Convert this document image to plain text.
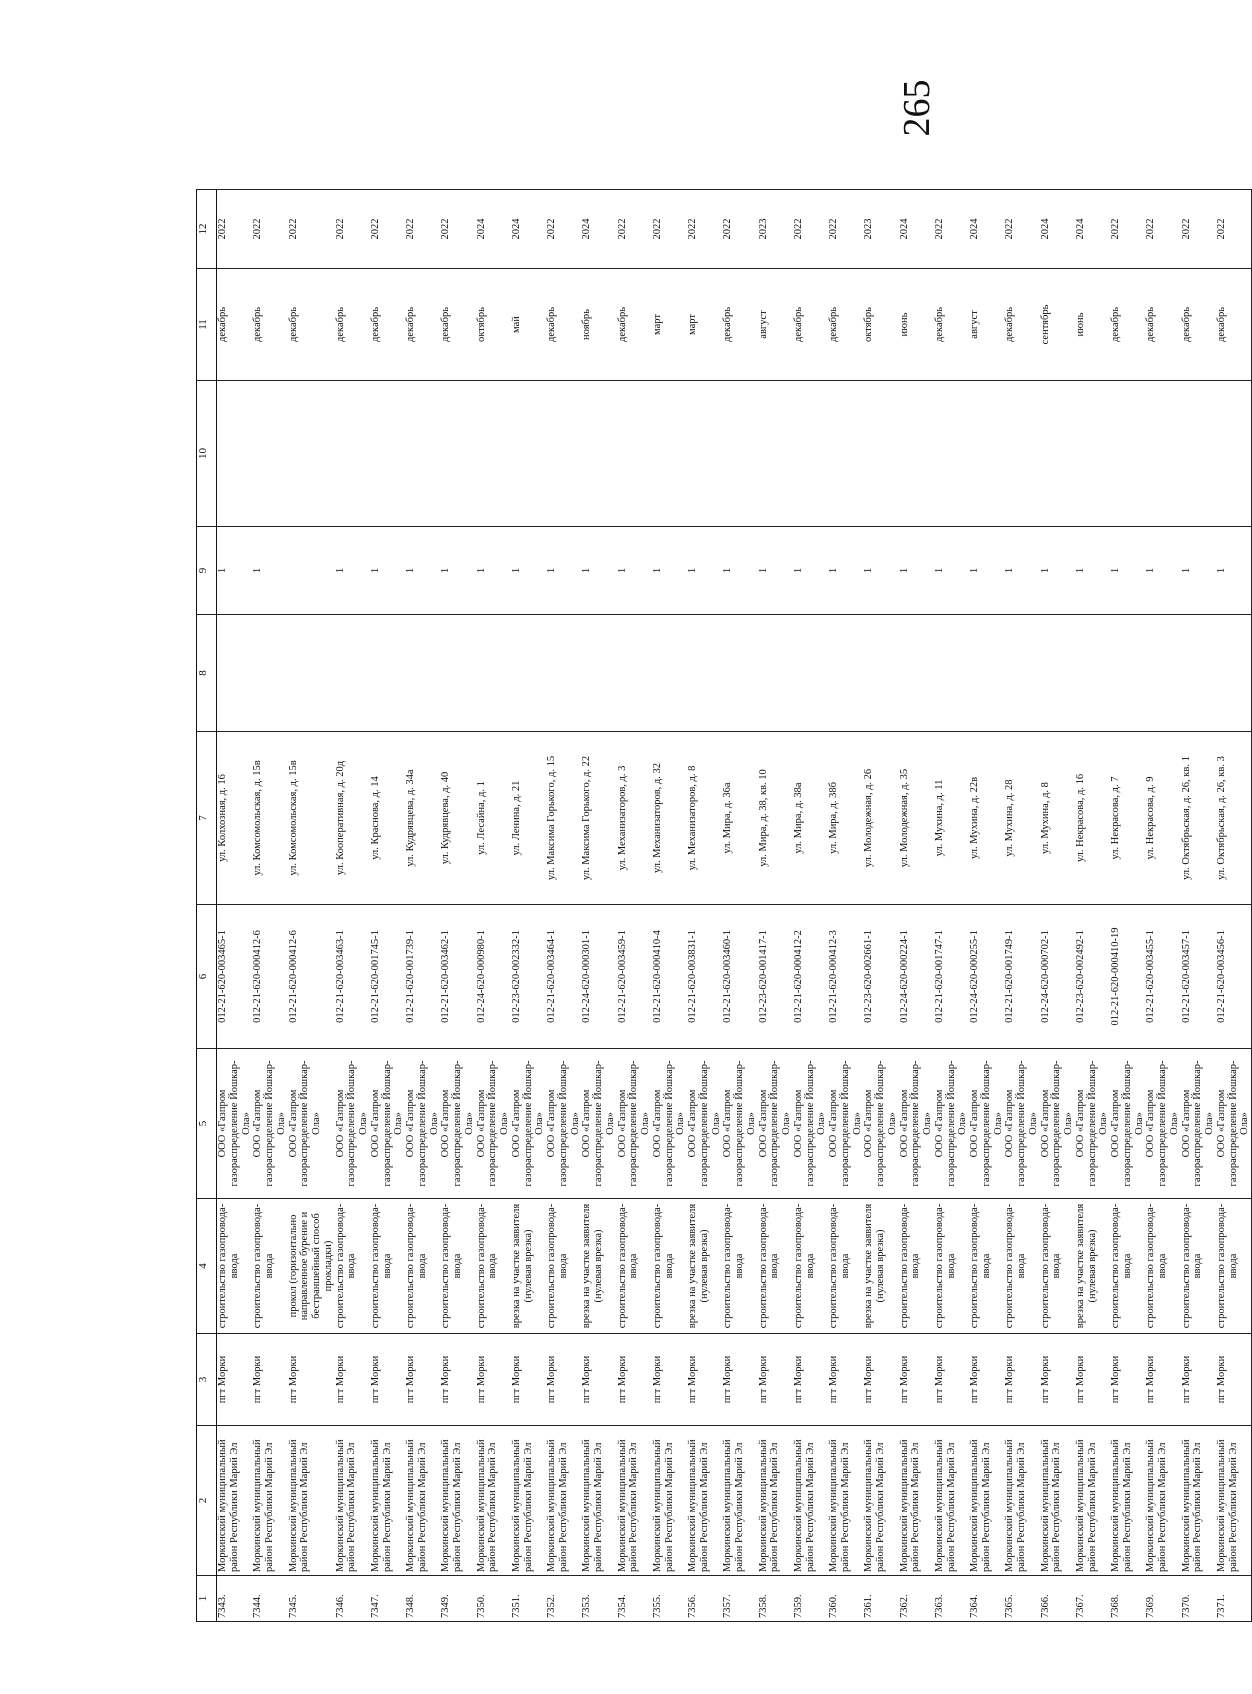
265
1	2	3	4	5	6	7	8	9	10	11	12
7343.	Моркинский муниципальный район Республики Марий Эл	пгт Морки	строительство газопровода-ввода	ООО «Газпром газораспределение Йошкар-Ола»	012-21-620-003465-1	ул. Колхозная, д. 16		1		декабрь	2022
7344.	Моркинский муниципальный район Республики Марий Эл	пгт Морки	строительство газопровода-ввода	ООО «Газпром газораспределение Йошкар-Ола»	012-21-620-000412-6	ул. Комсомольская, д. 15в		1		декабрь	2022
7345.	Моркинский муниципальный район Республики Марий Эл	пгт Морки	прокол (горизонтально направленное бурение и бестраншейный способ прокладки)	ООО «Газпром газораспределение Йошкар-Ола»	012-21-620-000412-6	ул. Комсомольская, д. 15в				декабрь	2022
7346.	Моркинский муниципальный район Республики Марий Эл	пгт Морки	строительство газопровода-ввода	ООО «Газпром газораспределение Йошкар-Ола»	012-21-620-003463-1	ул. Кооперативная, д. 20д		1		декабрь	2022
7347.	Моркинский муниципальный район Республики Марий Эл	пгт Морки	строительство газопровода-ввода	ООО «Газпром газораспределение Йошкар-Ола»	012-21-620-001745-1	ул. Краснова, д. 14		1		декабрь	2022
7348.	Моркинский муниципальный район Республики Марий Эл	пгт Морки	строительство газопровода-ввода	ООО «Газпром газораспределение Йошкар-Ола»	012-21-620-001739-1	ул. Кудрявцева, д. 34а		1		декабрь	2022
7349.	Моркинский муниципальный район Республики Марий Эл	пгт Морки	строительство газопровода-ввода	ООО «Газпром газораспределение Йошкар-Ола»	012-21-620-003462-1	ул. Кудрявцева, д. 40		1		декабрь	2022
7350.	Моркинский муниципальный район Республики Марий Эл	пгт Морки	строительство газопровода-ввода	ООО «Газпром газораспределение Йошкар-Ола»	012-24-620-000980-1	ул. Лесайна, д. 1		1		октябрь	2024
7351.	Моркинский муниципальный район Республики Марий Эл	пгт Морки	врезка на участке заявителя (нулевая врезка)	ООО «Газпром газораспределение Йошкар-Ола»	012-23-620-002332-1	ул. Ленина, д. 21		1		май	2024
7352.	Моркинский муниципальный район Республики Марий Эл	пгт Морки	строительство газопровода-ввода	ООО «Газпром газораспределение Йошкар-Ола»	012-21-620-003464-1	ул. Максима Горького, д. 15		1		декабрь	2022
7353.	Моркинский муниципальный район Республики Марий Эл	пгт Морки	врезка на участке заявителя (нулевая врезка)	ООО «Газпром газораспределение Йошкар-Ола»	012-24-620-000301-1	ул. Максима Горького, д. 22		1		ноябрь	2024
7354.	Моркинский муниципальный район Республики Марий Эл	пгт Морки	строительство газопровода-ввода	ООО «Газпром газораспределение Йошкар-Ола»	012-21-620-003459-1	ул. Механизаторов, д. 3		1		декабрь	2022
7355.	Моркинский муниципальный район Республики Марий Эл	пгт Морки	строительство газопровода-ввода	ООО «Газпром газораспределение Йошкар-Ола»	012-21-620-000410-4	ул. Механизаторов, д. 32		1		март	2022
7356.	Моркинский муниципальный район Республики Марий Эл	пгт Морки	врезка на участке заявителя (нулевая врезка)	ООО «Газпром газораспределение Йошкар-Ола»	012-21-620-003831-1	ул. Механизаторов, д. 8		1		март	2022
7357.	Моркинский муниципальный район Республики Марий Эл	пгт Морки	строительство газопровода-ввода	ООО «Газпром газораспределение Йошкар-Ола»	012-21-620-003460-1	ул. Мира, д. 36а		1		декабрь	2022
7358.	Моркинский муниципальный район Республики Марий Эл	пгт Морки	строительство газопровода-ввода	ООО «Газпром газораспределение Йошкар-Ола»	012-23-620-001417-1	ул. Мира, д. 38, кв. 10		1		август	2023
7359.	Моркинский муниципальный район Республики Марий Эл	пгт Морки	строительство газопровода-ввода	ООО «Газпром газораспределение Йошкар-Ола»	012-21-620-000412-2	ул. Мира, д. 38а		1		декабрь	2022
7360.	Моркинский муниципальный район Республики Марий Эл	пгт Морки	строительство газопровода-ввода	ООО «Газпром газораспределение Йошкар-Ола»	012-21-620-000412-3	ул. Мира, д. 38б		1		декабрь	2022
7361.	Моркинский муниципальный район Республики Марий Эл	пгт Морки	врезка на участке заявителя (нулевая врезка)	ООО «Газпром газораспределение Йошкар-Ола»	012-23-620-002661-1	ул. Молодежная, д. 26		1		октябрь	2023
7362.	Моркинский муниципальный район Республики Марий Эл	пгт Морки	строительство газопровода-ввода	ООО «Газпром газораспределение Йошкар-Ола»	012-24-620-000224-1	ул. Молодежная, д. 35		1		июнь	2024
7363.	Моркинский муниципальный район Республики Марий Эл	пгт Морки	строительство газопровода-ввода	ООО «Газпром газораспределение Йошкар-Ола»	012-21-620-001747-1	ул. Мухина, д. 11		1		декабрь	2022
7364.	Моркинский муниципальный район Республики Марий Эл	пгт Морки	строительство газопровода-ввода	ООО «Газпром газораспределение Йошкар-Ола»	012-24-620-000255-1	ул. Мухина, д. 22в		1		август	2024
7365.	Моркинский муниципальный район Республики Марий Эл	пгт Морки	строительство газопровода-ввода	ООО «Газпром газораспределение Йошкар-Ола»	012-21-620-001749-1	ул. Мухина, д. 28		1		декабрь	2022
7366.	Моркинский муниципальный район Республики Марий Эл	пгт Морки	строительство газопровода-ввода	ООО «Газпром газораспределение Йошкар-Ола»	012-24-620-000702-1	ул. Мухина, д. 8		1		сентябрь	2024
7367.	Моркинский муниципальный район Республики Марий Эл	пгт Морки	врезка на участке заявителя (нулевая врезка)	ООО «Газпром газораспределение Йошкар-Ола»	012-23-620-002492-1	ул. Некрасова, д. 16		1		июнь	2024
7368.	Моркинский муниципальный район Республики Марий Эл	пгт Морки	строительство газопровода-ввода	ООО «Газпром газораспределение Йошкар-Ола»	012-21-620-000410-19	ул. Некрасова, д. 7		1		декабрь	2022
7369.	Моркинский муниципальный район Республики Марий Эл	пгт Морки	строительство газопровода-ввода	ООО «Газпром газораспределение Йошкар-Ола»	012-21-620-003455-1	ул. Некрасова, д. 9		1		декабрь	2022
7370.	Моркинский муниципальный район Республики Марий Эл	пгт Морки	строительство газопровода-ввода	ООО «Газпром газораспределение Йошкар-Ола»	012-21-620-003457-1	ул. Октябрьская, д. 26, кв. 1		1		декабрь	2022
7371.	Моркинский муниципальный район Республики Марий Эл	пгт Морки	строительство газопровода-ввода	ООО «Газпром газораспределение Йошкар-Ола»	012-21-620-003456-1	ул. Октябрьская, д. 26, кв. 3		1		декабрь	2022
